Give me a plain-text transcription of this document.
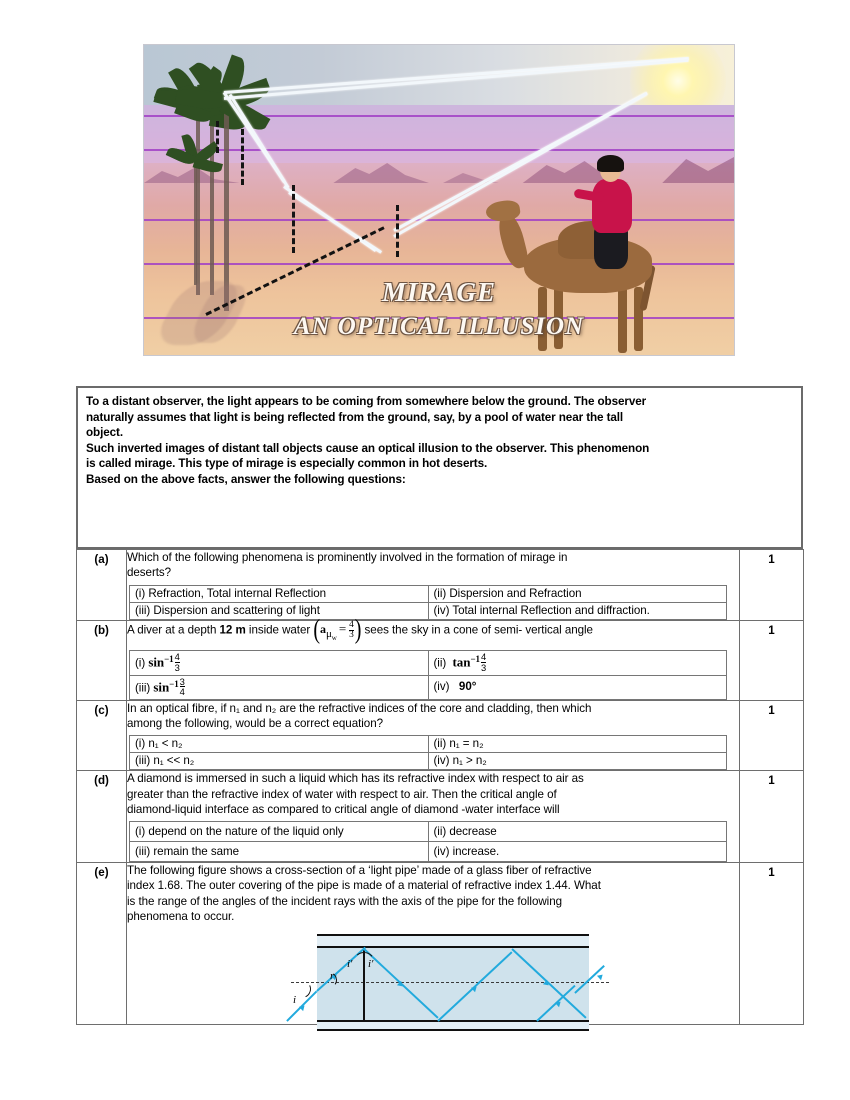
MIRAGE
AN OPTICAL ILLUSION

To a distant observer, the light appears to be coming from somewhere below the ground. The observer

naturally assumes that light is being reflected from the ground, say, by a pool of water near the tall

object.

Such inverted images of distant tall objects cause an optical illusion to the observer. This phenomenon

is called mirage. This type of mirage is especially common in hot deserts.

Based on the above facts, answer the following questions:

(a)	Which of the following phenomena is prominently involved in the formation of mirage in
deserts?
(i) Refraction, Total internal Reflection	(ii) Dispersion and Refraction
(iii) Dispersion and scattering of light	(iv) Total internal Reflection and diffraction.
	1
(b)	A diver at a depth 12 m inside water ($a_{\mu_w}= \frac{4}{3}$ ) sees the sky in a cone of semi- vertical angle
(i) $\sin^{-1} \frac{4}{3}$	(ii) $\tan^{-1} \frac{4}{3}$

(iii) $\sin^{-1} \frac{3}{4}$	(iv) 90°
	1
(c)	In an optical fibre, if n₁ and n₂ are the refractive indices of the core and cladding, then which
among the following, would be a correct equation?
(i) n₁ < n₂	(ii) n₁ = n₂
(iii) n₁ << n₂	(iv) n₁ > n₂
	1
(d)	A diamond is immersed in such a liquid which has its refractive index with respect to air as
greater than the refractive index of water with respect to air. Then the critical angle of
diamond-liquid interface as compared to critical angle of diamond -water interface will
(i) depend on the nature of the liquid only	(ii) decrease
(iii) remain the same	(iv) increase.
	1
(e)	The following figure shows a cross-section of a ‘light pipe’ made of a glass fiber of refractive
index 1.68. The outer covering of the pipe is made of a material of refractive index 1.44. What
is the range of the angles of the incident rays with the axis of the pipe for the following
phenomena to occur.
i
r
i′ i′
	1
